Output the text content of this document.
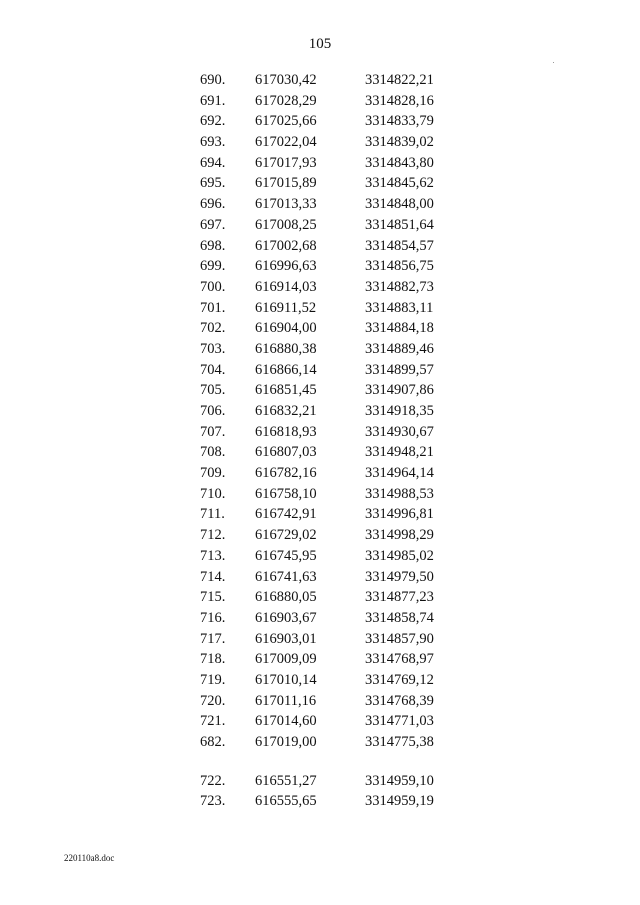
105
690.	617030,42	3314822,21
691.	617028,29	3314828,16
692.	617025,66	3314833,79
693.	617022,04	3314839,02
694.	617017,93	3314843,80
695.	617015,89	3314845,62
696.	617013,33	3314848,00
697.	617008,25	3314851,64
698.	617002,68	3314854,57
699.	616996,63	3314856,75
700.	616914,03	3314882,73
701.	616911,52	3314883,11
702.	616904,00	3314884,18
703.	616880,38	3314889,46
704.	616866,14	3314899,57
705.	616851,45	3314907,86
706.	616832,21	3314918,35
707.	616818,93	3314930,67
708.	616807,03	3314948,21
709.	616782,16	3314964,14
710.	616758,10	3314988,53
711.	616742,91	3314996,81
712.	616729,02	3314998,29
713.	616745,95	3314985,02
714.	616741,63	3314979,50
715.	616880,05	3314877,23
716.	616903,67	3314858,74
717.	616903,01	3314857,90
718.	617009,09	3314768,97
719.	617010,14	3314769,12
720.	617011,16	3314768,39
721.	617014,60	3314771,03
682.	617019,00	3314775,38
722.	616551,27	3314959,10
723.	616555,65	3314959,19
220110a8.doc
